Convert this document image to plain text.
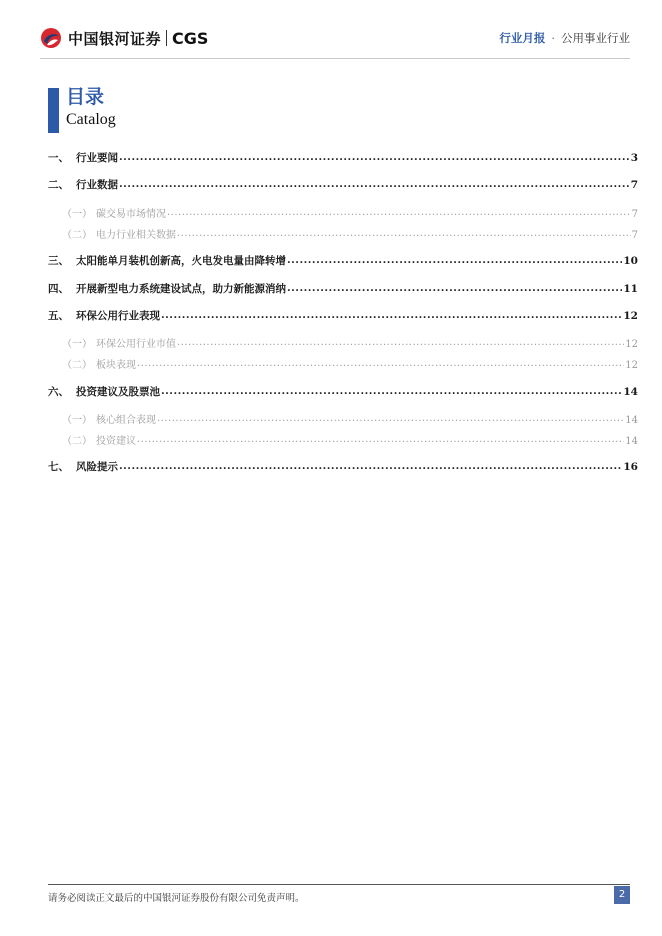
中国银河证券 CGS	行业月报 · 公用事业行业
目录
Catalog
一、 行业要闻 .....	3
二、 行业数据 .....	7
（一） 碳交易市场情况 .....	7
（二） 电力行业相关数据 .....	7
三、 太阳能单月装机创新高，火电发电量由降转增 .....	10
四、 开展新型电力系统建设试点，助力新能源消纳 .....	11
五、 环保公用行业表现 .....	12
（一） 环保公用行业市值 .....	12
（二） 板块表现 .....	12
六、 投资建议及股票池 .....	14
（一） 核心组合表现 .....	14
（二） 投资建议 .....	14
七、 风险提示 .....	16
请务必阅读正文最后的中国银河证券股份有限公司免责声明。	2
